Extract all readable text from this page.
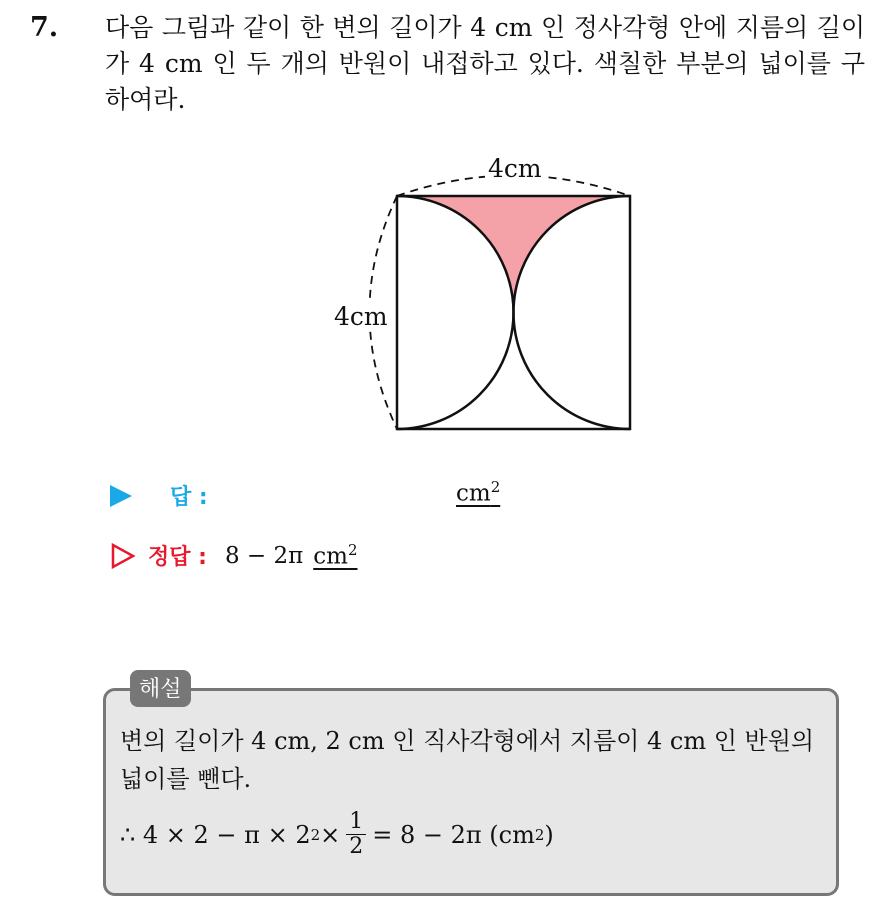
7. 다음 그림과 같이 한 변의 길이가 4 cm 인 정사각형 안에 지름의 길이가 4 cm 인 두 개의 반원이 내접하고 있다. 색칠한 부분의 넓이를 구하여라.
4cm
4cm
답 :	$cm^2$
정답 : 8 − 2π $cm^2$
해설
변의 길이가 4 cm, 2 cm 인 직사각형에서 지름이 4 cm 인 반원의 넓이를 뺀다.
∴ 4 × 2 − π × 2 $2 \times \frac{1}{2} = 8 - 2\pi$ (cm 2 )
